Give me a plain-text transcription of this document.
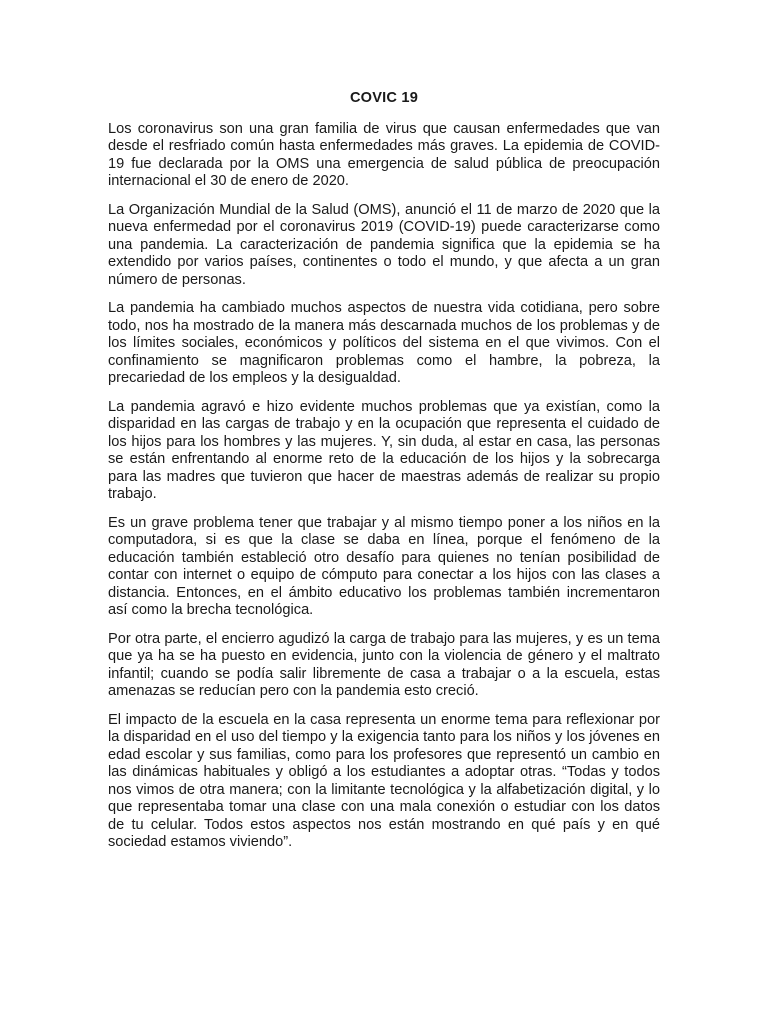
COVIC 19

Los coronavirus son una gran familia de virus que causan enfermedades que van desde el resfriado común hasta enfermedades más graves. La epidemia de COVID-19 fue declarada por la OMS una emergencia de salud pública de preocupación internacional el 30 de enero de 2020.

La Organización Mundial de la Salud (OMS), anunció el 11 de marzo de 2020 que la nueva enfermedad por el coronavirus 2019 (COVID-19) puede caracterizarse como una pandemia. La caracterización de pandemia significa que la epidemia se ha extendido por varios países, continentes o todo el mundo, y que afecta a un gran número de personas.

La pandemia ha cambiado muchos aspectos de nuestra vida cotidiana, pero sobre todo, nos ha mostrado de la manera más descarnada muchos de los problemas y de los límites sociales, económicos y políticos del sistema en el que vivimos. Con el confinamiento se magnificaron problemas como el hambre, la pobreza, la precariedad de los empleos y la desigualdad.

La pandemia agravó e hizo evidente muchos problemas que ya existían, como la disparidad en las cargas de trabajo y en la ocupación que representa el cuidado de los hijos para los hombres y las mujeres. Y, sin duda, al estar en casa, las personas se están enfrentando al enorme reto de la educación de los hijos y la sobrecarga para las madres que tuvieron que hacer de maestras además de realizar su propio trabajo.

Es un grave problema tener que trabajar y al mismo tiempo poner a los niños en la computadora, si es que la clase se daba en línea, porque el fenómeno de la educación también estableció otro desafío para quienes no tenían posibilidad de contar con internet o equipo de cómputo para conectar a los hijos con las clases a distancia. Entonces, en el ámbito educativo los problemas también incrementaron así como la brecha tecnológica.

Por otra parte, el encierro agudizó la carga de trabajo para las mujeres, y es un tema que ya ha se ha puesto en evidencia, junto con la violencia de género y el maltrato infantil; cuando se podía salir libremente de casa a trabajar o a la escuela, estas amenazas se reducían pero con la pandemia esto creció.

El impacto de la escuela en la casa representa un enorme tema para reflexionar por la disparidad en el uso del tiempo y la exigencia tanto para los niños y los jóvenes en edad escolar y sus familias, como para los profesores que representó un cambio en las dinámicas habituales y obligó a los estudiantes a adoptar otras. “Todas y todos nos vimos de otra manera; con la limitante tecnológica y la alfabetización digital, y lo que representaba tomar una clase con una mala conexión o estudiar con los datos de tu celular. Todos estos aspectos nos están mostrando en qué país y en qué sociedad estamos viviendo”.
